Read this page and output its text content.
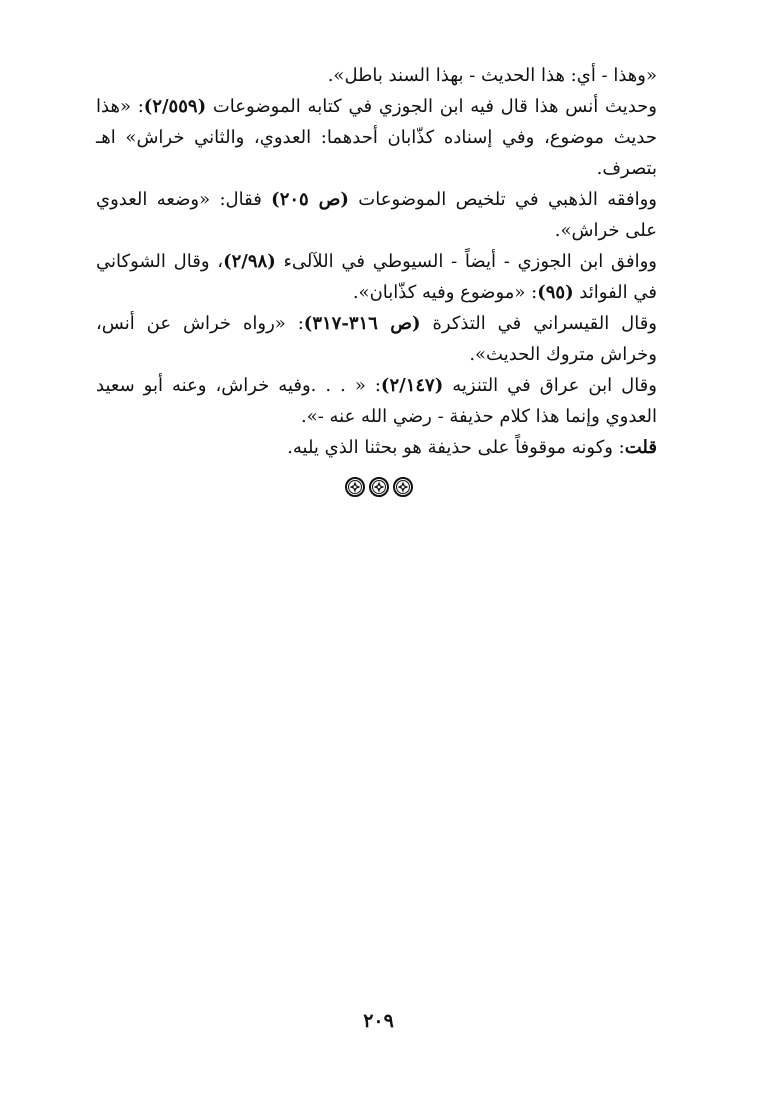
«وهذا - أي: هذا الحديث - بهذا السند باطل».

وحديث أنس هذا قال فيه ابن الجوزي في كتابه الموضوعات (٢/٥٥٩): «هذا حديث موضوع، وفي إسناده كذّابان أحدهما: العدوي، والثاني خراش» اهـ بتصرف.

ووافقه الذهبي في تلخيص الموضوعات (ص ٢٠٥) فقال: «وضعه العدوي على خراش».

ووافق ابن الجوزي - أيضاً - السيوطي في اللآلىء (٢/٩٨)، وقال الشوكاني في الفوائد (٩٥): «موضوع وفيه كذّابان».

وقال القيسراني في التذكرة (ص ٣١٦-٣١٧): «رواه خراش عن أنس، وخراش متروك الحديث».

وقال ابن عراق في التنزيه (٢/١٤٧): « . . .وفيه خراش، وعنه أبو سعيد العدوي وإنما هذا كلام حذيفة - رضي الله عنه -».

قلت: وكونه موقوفاً على حذيفة هو بحثنا الذي يليه.

٢٠٩
